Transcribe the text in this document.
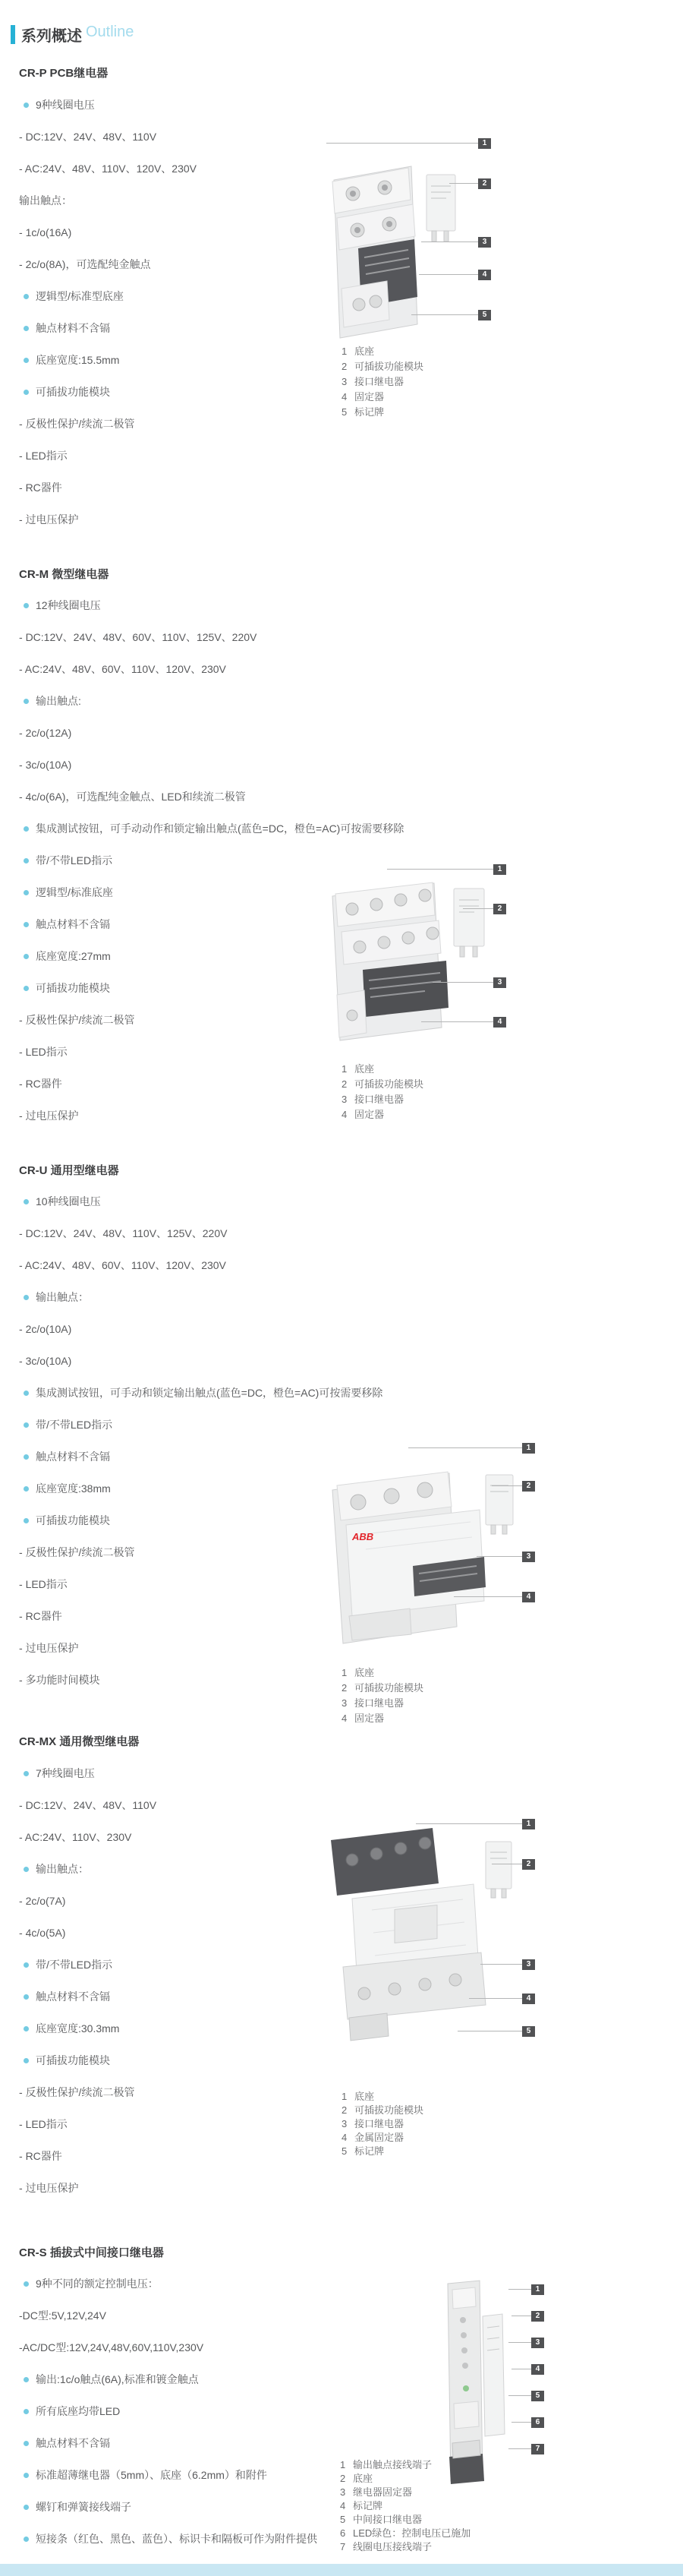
系列概述 Outline
CR-P PCB继电器
9种线圈电压
- DC:12V、24V、48V、110V
- AC:24V、48V、110V、120V、230V
输出触点：
- 1c/o(16A)
- 2c/o(8A)，可选配纯金触点
逻辑型/标准型底座
触点材料不含镉
底座宽度:15.5mm
可插拔功能模块
- 反极性保护/续流二极管
- LED指示
- RC器件
- 过电压保护
1
2
3
4
5
1 底座
2 可插拔功能模块
3 接口继电器
4 固定器
5 标记牌
CR-M 微型继电器
12种线圈电压
- DC:12V、24V、48V、60V、110V、125V、220V
- AC:24V、48V、60V、110V、120V、230V
输出触点:
- 2c/o(12A)
- 3c/o(10A)
- 4c/o(6A)，可选配纯金触点、LED和续流二极管
集成测试按钮，可手动动作和锁定输出触点(蓝色=DC，橙色=AC)可按需要移除
带/不带LED指示
逻辑型/标准底座
触点材料不含镉
底座宽度:27mm
可插拔功能模块
- 反极性保护/续流二极管
- LED指示
- RC器件
- 过电压保护
1
2
3
4
1 底座
2 可插拔功能模块
3 接口继电器
4 固定器
CR-U 通用型继电器
10种线圈电压
- DC:12V、24V、48V、110V、125V、220V
- AC:24V、48V、60V、110V、120V、230V
输出触点：
- 2c/o(10A)
- 3c/o(10A)
集成测试按钮，可手动和锁定输出触点(蓝色=DC，橙色=AC)可按需要移除
带/不带LED指示
触点材料不含镉
底座宽度:38mm
可插拔功能模块
- 反极性保护/续流二极管
- LED指示
- RC器件
- 过电压保护
- 多功能时间模块
ABB
1
2
3
4
1 底座
2 可插拔功能模块
3 接口继电器
4 固定器
CR-MX 通用微型继电器
7种线圈电压
- DC:12V、24V、48V、110V
- AC:24V、110V、230V
输出触点：
- 2c/o(7A)
- 4c/o(5A)
带/不带LED指示
触点材料不含镉
底座宽度:30.3mm
可插拔功能模块
- 反极性保护/续流二极管
- LED指示
- RC器件
- 过电压保护
1
2
3
4
5
1 底座
2 可插拔功能模块
3 接口继电器
4 金属固定器
5 标记牌
CR-S 插拔式中间接口继电器
9种不同的额定控制电压：
-DC型:5V,12V,24V
-AC/DC型:12V,24V,48V,60V,110V,230V
输出:1c/o触点(6A),标准和镀金触点
所有底座均带LED
触点材料不含镉
标准超薄继电器（5mm）、底座（6.2mm）和附件
螺钉和弹簧接线端子
短接条（红色、黑色、蓝色）、标识卡和隔板可作为附件提供
1
2
3
4
5
6
7
1 输出触点接线端子
2 底座
3 继电器固定器
4 标记牌
5 中间接口继电器
6 LED绿色：控制电压已施加
7 线圈电压接线端子
